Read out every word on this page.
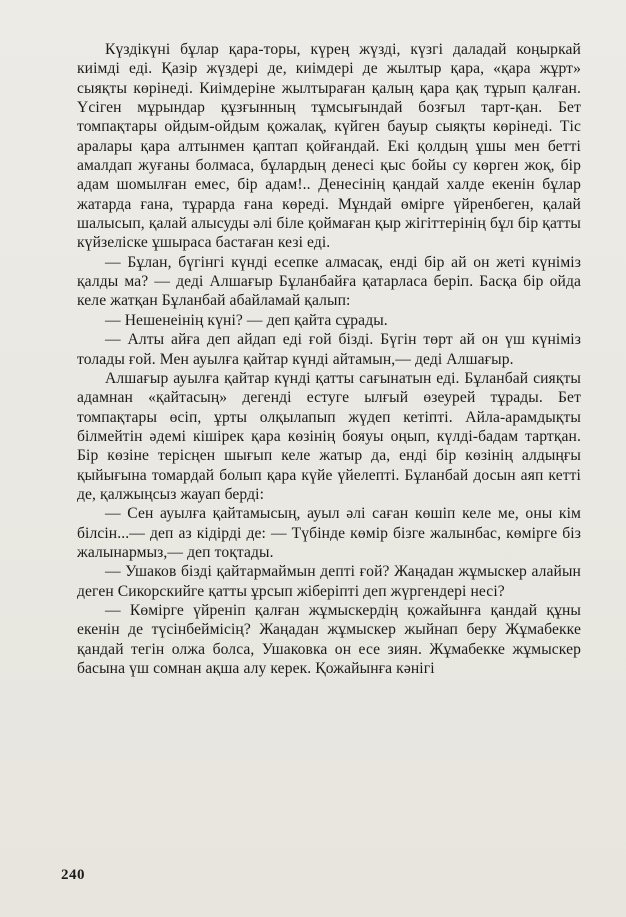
Күздікүні бұлар қара-торы, күрең жүзді, күзгі даладай коңыркай киімді еді. Қазір жүздері де, киімдері де жылтыр қара, «қара жұрт» сыяқты көрінеді. Киімдеріне жылтыраған қалың қара қақ тұрып қалған. Үсіген мұрындар құзғынның тұмсығындай бозғыл тарт-қан. Бет томпақтары ойдым-ойдым қожалақ, күйген бауыр сыяқты көрінеді. Тіс аралары қара алтынмен қаптап қойғандай. Екі қолдың ұшы мен бетті амалдап жуғаны болмаса, бұлардың денесі қыс бойы су көрген жоқ, бір адам шомылған емес, бір адам!.. Денесінің қандай халде екенін бұлар жатарда ғана, тұрарда ғана көреді. Мұндай өмірге үйренбеген, қалай шалысып, қалай алысуды әлі біле қоймаған қыр жігіттерінің бұл бір қатты күйзеліске ұшыраса бастаған кезі еді.

— Бұлан, бүгінгі күнді есепке алмасақ, енді бір ай он жеті күніміз қалды ма? — деді Алшағыр Бұланбайға қатарласа беріп. Басқа бір ойда келе жатқан Бұланбай абайламай қалып:

— Нешенеінің күні? — деп қайта сұрады.

— Алты айға деп айдап еді ғой бізді. Бүгін төрт ай он үш күніміз толады ғой. Мен ауылға қайтар күнді айтамын,— деді Алшағыр.

Алшағыр ауылға қайтар күнді қатты сағынатын еді. Бұланбай сияқты адамнан «қайтасың» дегенді естуге ылғый өзеурей тұрады. Бет томпақтары өсіп, ұрты олқылапып жүдеп кетіпті. Айла-арамдықты білмейтін әдемі кішірек қара көзінің бояуы оңып, күлді-бадам тартқан. Бір көзіне терісңен шығып келе жатыр да, енді бір көзінің алдыңғы қыйығына томардай болып қара күйе үйелепті. Бұланбай досын аяп кетті де, қалжыңсыз жауап берді:

— Сен ауылға қайтамысың, ауыл әлі саған көшіп келе ме, оны кім білсін...— деп аз кідірді де: — Түбінде көмір бізге жалынбас, көмірге біз жалынармыз,— деп тоқтады.

— Ушаков бізді қайтармаймын депті ғой? Жаңадан жұмыскер алайын деген Сикорскийге қатты ұрсып жіберіпті деп жүргендері несі?

— Көмірге үйреніп қалған жұмыскердің қожайынға қандай құны екенін де түсінбеймісің? Жаңадан жұмыскер жыйнап беру Жұмабекке қандай тегін олжа болса, Ушаковка он есе зиян. Жұмабекке жұмыскер басына үш сомнан ақша алу керек. Қожайынға кәнігі

240
